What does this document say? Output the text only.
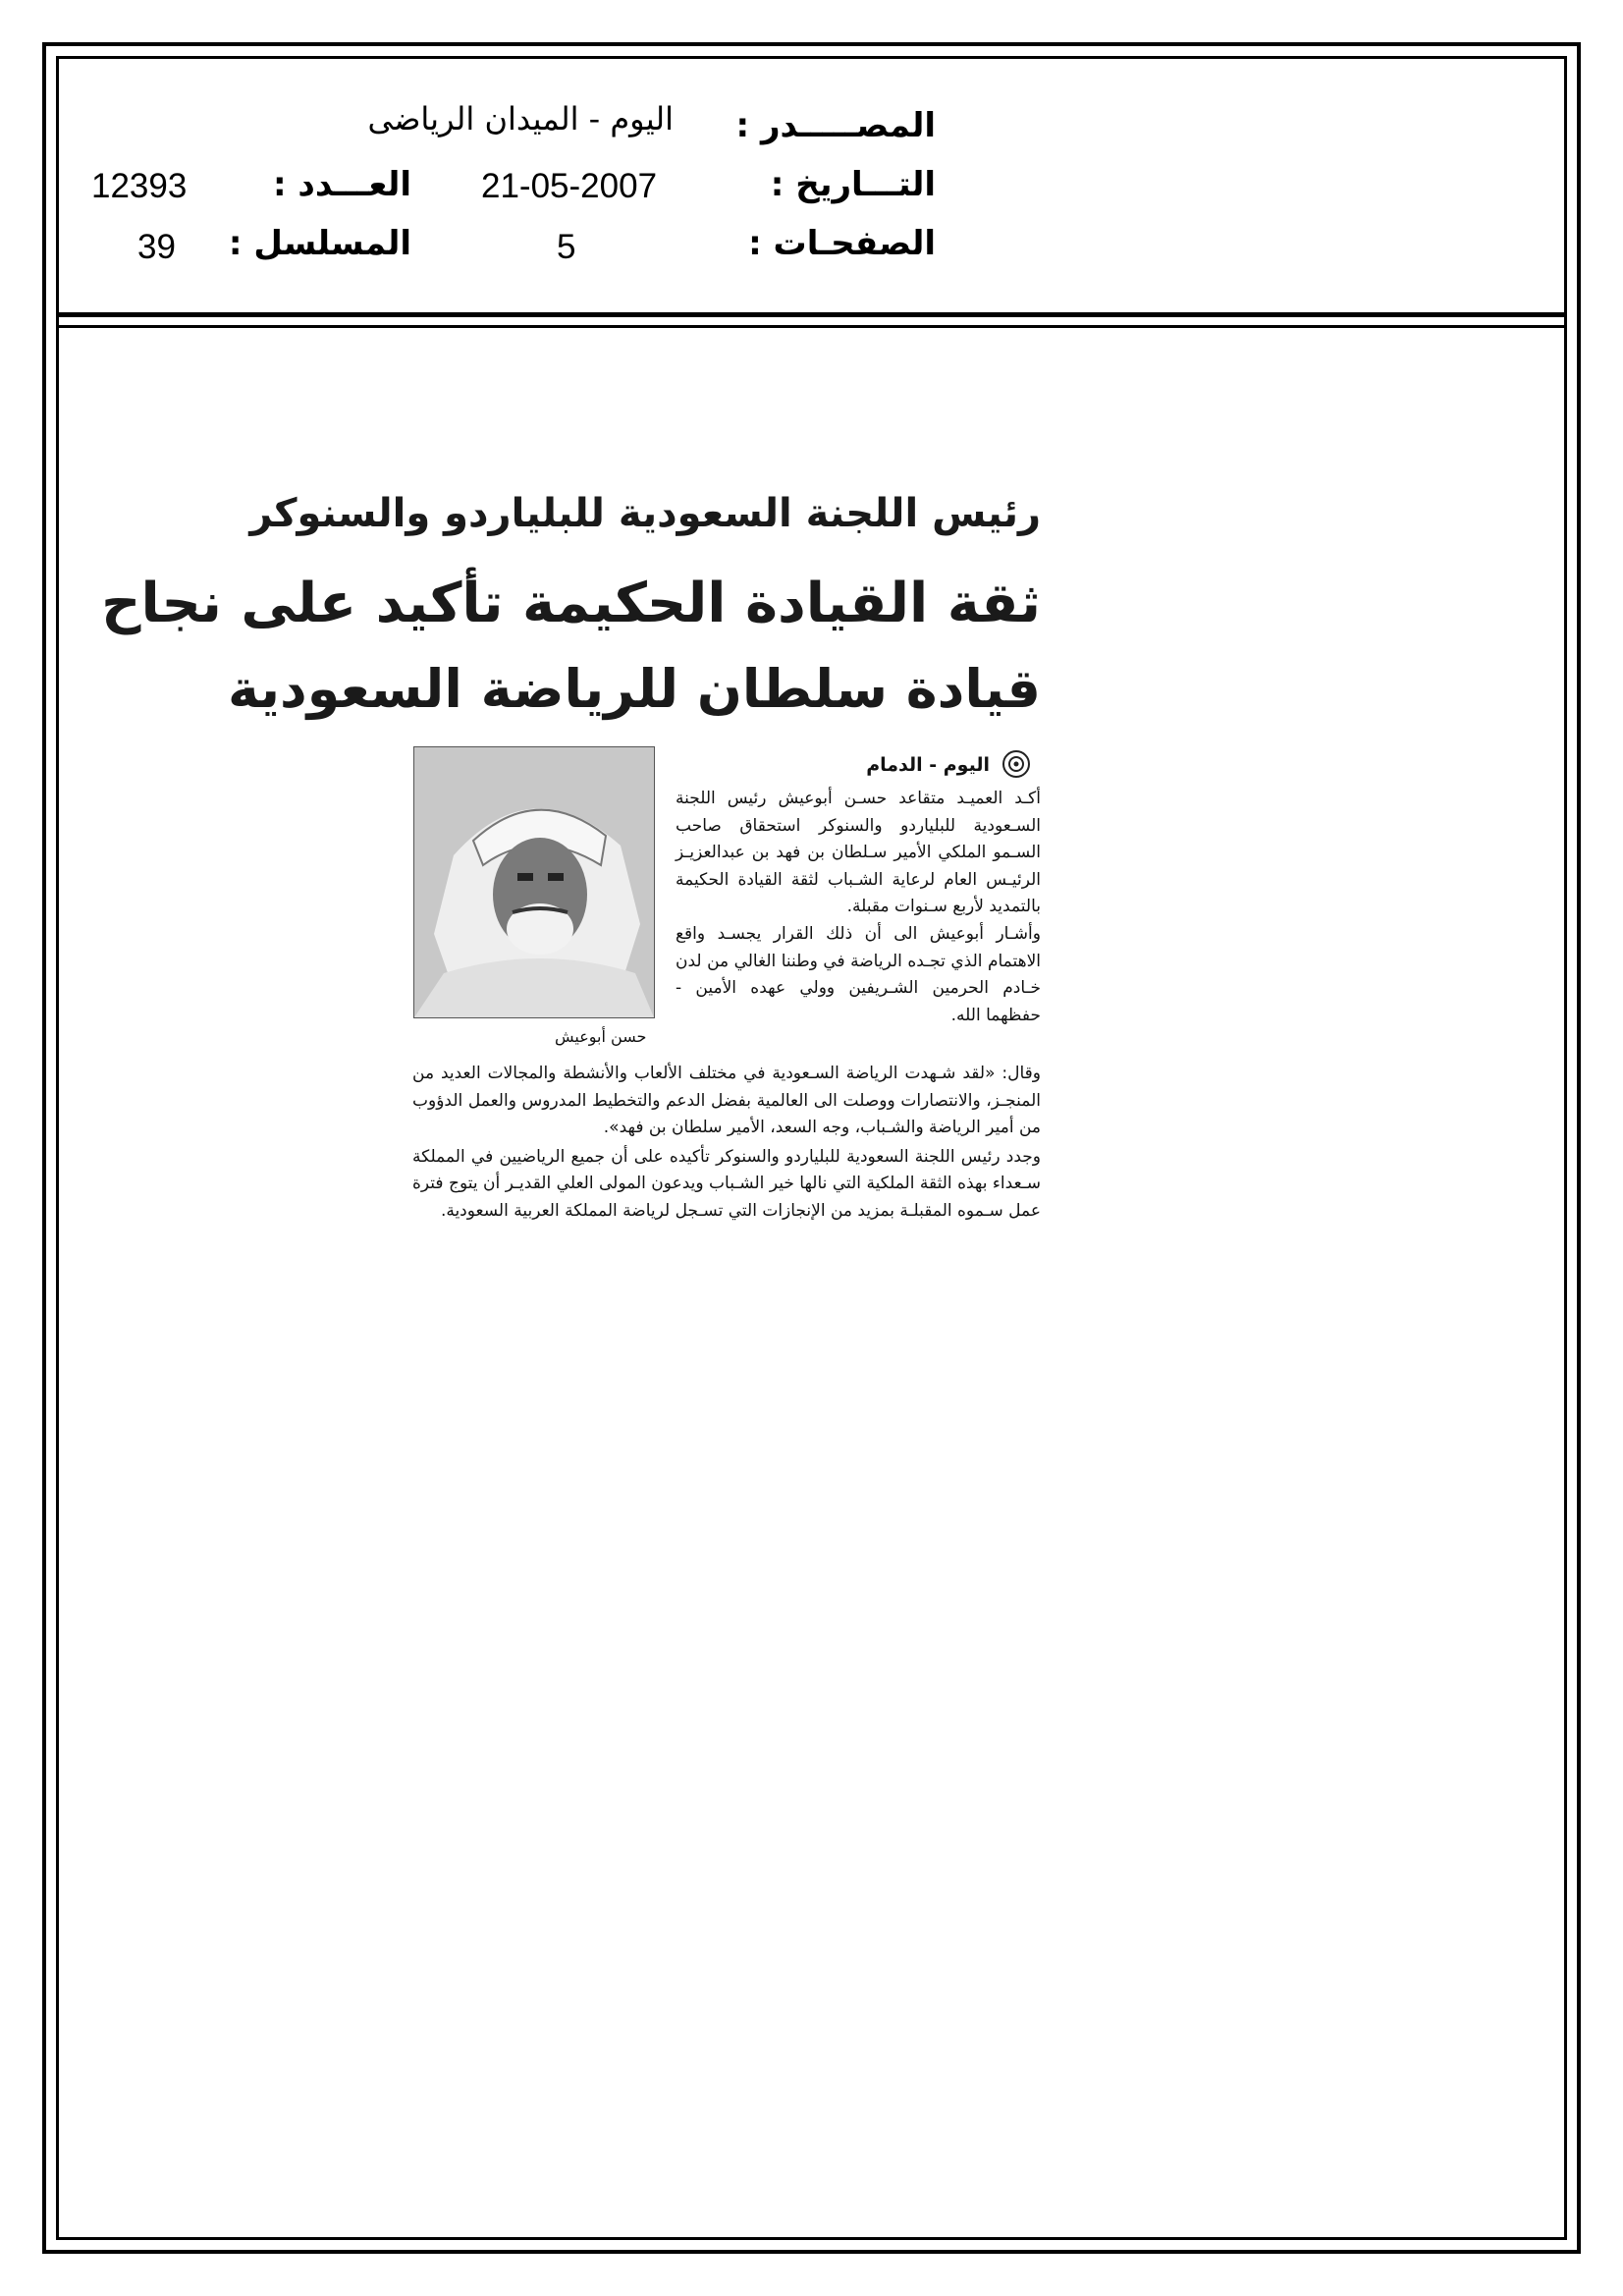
المصـــــدر :
اليوم - الميدان الرياضى
التـــاريخ :
21-05-2007
العـــدد :
12393
الصفحـات :
5
المسلسل :
39
رئيس اللجنة السعودية للبلياردو والسنوكر
ثقة القيادة الحكيمة تأكيد على نجاح
قيادة سلطان للرياضة السعودية
حسن أبوعيش
اليوم - الدمام

أكـد العميـد متقاعد حسـن أبوعيش رئيس اللجنة السـعودية للبلياردو والسنوكر استحقاق صاحب السـمو الملكي الأمير سـلطان بن فهد بن عبدالعزيـز الرئيـس العام لرعاية الشـباب لثقة القيادة الحكيمة بالتمديد لأربع سـنوات مقبلة.

وأشـار أبوعيش الى أن ذلك القرار يجسـد واقع الاهتمام الذي تجـده الرياضة في وطننا الغالي من لدن خـادم الحرمين الشـريفين وولي عهده الأمين - حفظهما الله.

وقال: «لقد شـهدت الرياضة السـعودية في مختلف الألعاب والأنشطة والمجالات العديد من المنجـز، والانتصارات ووصلت الى العالمية بفضل الدعم والتخطيط المدروس والعمل الدؤوب من أمير الرياضة والشـباب، وجه السعد، الأمير سلطان بن فهد».

وجدد رئيس اللجنة السعودية للبلياردو والسنوكر تأكيده على أن جميع الرياضيين في المملكة سـعداء بهذه الثقة الملكية التي نالها خير الشـباب ويدعون المولى العلي القديـر أن يتوج فترة عمل سـموه المقبلـة بمزيد من الإنجازات التي تسـجل لرياضة المملكة العربية السعودية.
